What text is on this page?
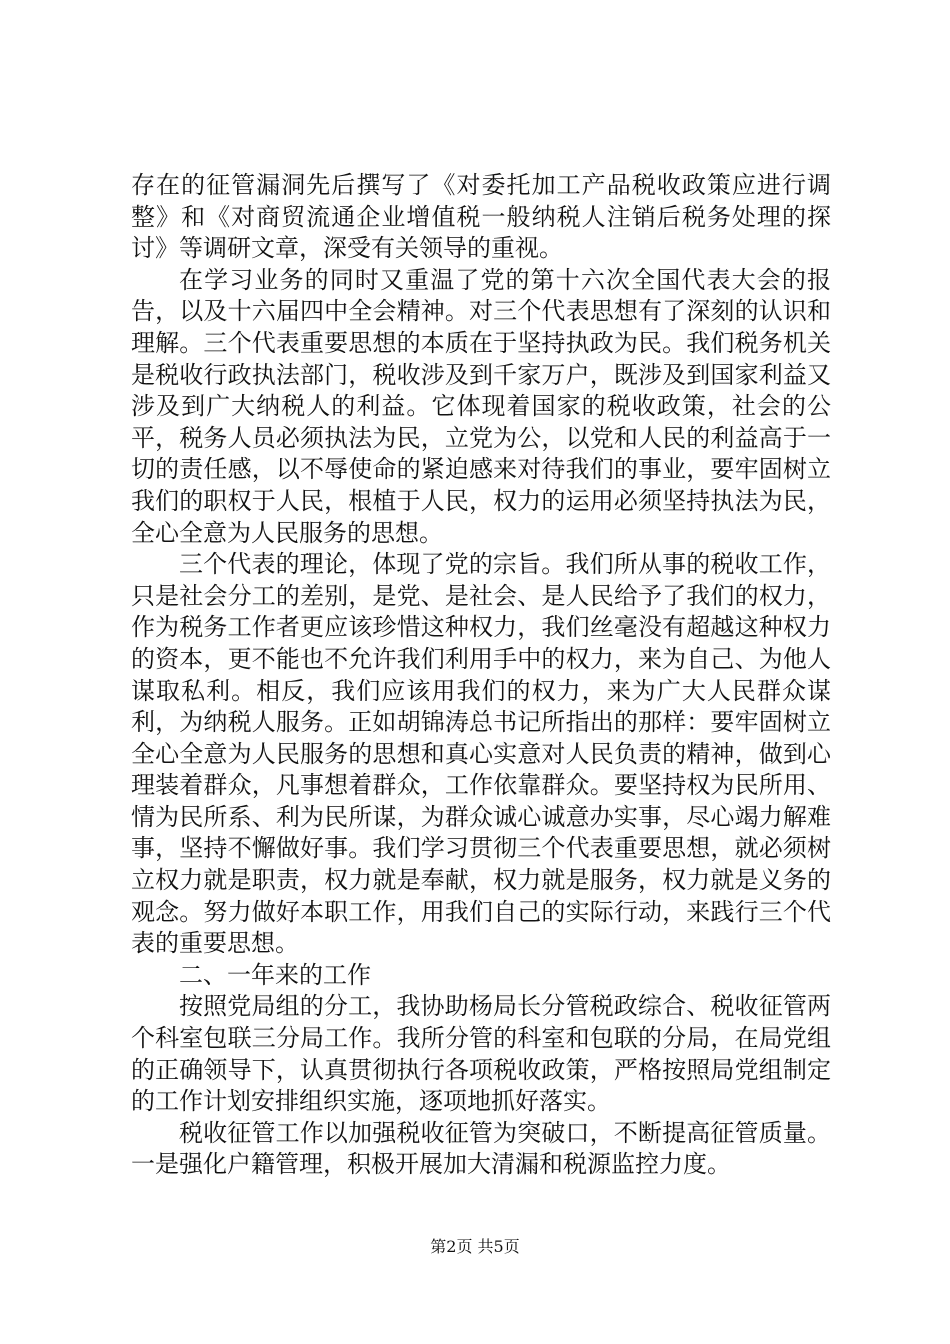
存在的征管漏洞先后撰写了《对委托加工产品税收政策应进行调整》和《对商贸流通企业增值税一般纳税人注销后税务处理的探讨》等调研文章，深受有关领导的重视。

在学习业务的同时又重温了党的第十六次全国代表大会的报告，以及十六届四中全会精神。对三个代表思想有了深刻的认识和理解。三个代表重要思想的本质在于坚持执政为民。我们税务机关是税收行政执法部门，税收涉及到千家万户，既涉及到国家利益又涉及到广大纳税人的利益。它体现着国家的税收政策，社会的公平，税务人员必须执法为民，立党为公，以党和人民的利益高于一切的责任感，以不辱使命的紧迫感来对待我们的事业，要牢固树立我们的职权于人民，根植于人民，权力的运用必须坚持执法为民，全心全意为人民服务的思想。

三个代表的理论，体现了党的宗旨。我们所从事的税收工作，只是社会分工的差别，是党、是社会、是人民给予了我们的权力，作为税务工作者更应该珍惜这种权力，我们丝毫没有超越这种权力的资本，更不能也不允许我们利用手中的权力，来为自己、为他人谋取私利。相反，我们应该用我们的权力，来为广大人民群众谋利，为纳税人服务。正如胡锦涛总书记所指出的那样：要牢固树立全心全意为人民服务的思想和真心实意对人民负责的精神，做到心理装着群众，凡事想着群众，工作依靠群众。要坚持权为民所用、情为民所系、利为民所谋，为群众诚心诚意办实事，尽心竭力解难事，坚持不懈做好事。我们学习贯彻三个代表重要思想，就必须树立权力就是职责，权力就是奉献，权力就是服务，权力就是义务的观念。努力做好本职工作，用我们自己的实际行动，来践行三个代表的重要思想。

二、一年来的工作

按照党局组的分工，我协助杨局长分管税政综合、税收征管两个科室包联三分局工作。我所分管的科室和包联的分局，在局党组的正确领导下，认真贯彻执行各项税收政策，严格按照局党组制定的工作计划安排组织实施，逐项地抓好落实。

税收征管工作以加强税收征管为突破口，不断提高征管质量。一是强化户籍管理，积极开展加大清漏和税源监控力度。

第2页 共5页
